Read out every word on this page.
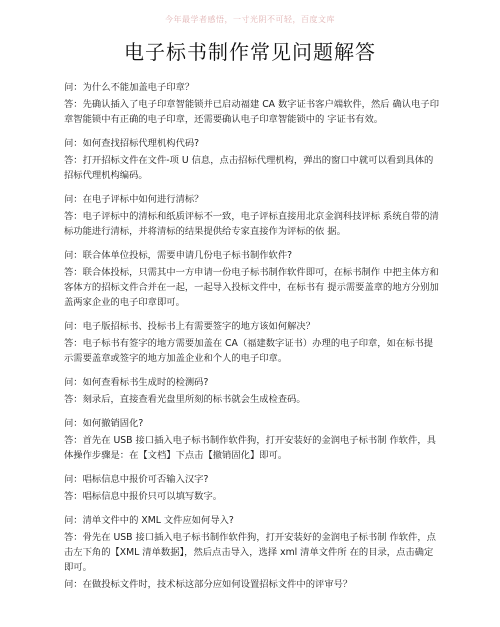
今年最学者感悟，一寸光阴不可轻，百度文库
电子标书制作常见问题解答

问：为什么不能加盖电子印章？

答：先确认插入了电子印章智能锁并已启动福建 CA 数字证书客户端软件，然后 确认电子印章智能锁中有正确的电子印章，还需要确认电子印章智能锁中的 字证书有效。

问：如何查找招标代理机构代码?

答：打开招标文件在文件-项 U 信息，点击招标代理机构，弹出的窗口中就可以看到具体的招标代理机构编码。

问：在电子评标中如何进行清标？

答：电子评标中的清标和纸质评标不一致，电子评标直接用北京金润科技评标 系统自带的清标功能进行清标，并将清标的结果提供给专家直接作为评标的依 据。

问：联合体单位投标，需要申请几份电子标书制作软件?

答：联合体投标，只需其中一方申请一份电子标书制作软件即可，在标书制作 中把主体方和客体方的招标文件合并在一起，一起导入投标文件中，在标书有 提示需要盖章的地方分别加盖两家企业的电子印章即可。

问：电子版招标书、投标书上有需要签字的地方该如何解决？

答：电子标书有签字的地方需要加盖在 CA（福建数字证书）办理的电子印章，如在标书提示需要盖章或签字的地方加盖企业和个人的电子印章。

问：如何查看标书生成时的检测码?

答：刻录后，直接查看光盘里所刻的标书就会生成检查码。

问：如何撤销固化?

答：首先在 USB 接口插入电子标书制作软件狗，打开安装好的金润电子标书制 作软件，具体操作步骤是：在【文档】下点击【撤销固化】即可。

问：唱标信息中报价可否输入汉字?

答：唱标信息中报价只可以填写数字。

问：清单文件中的 XML 文件应如何导入?

答：骨先在 USB 接口插入电子标书制作软件狗，打开安装好的金润电子标书制 作软件，点击左下角的【XML 清单数据】，然后点击导入，选择 xml 清单文件所 在的目录，点击确定即可。

问：在做投标文件时，技术标这部分应如何设置招标文件中的评审号？
